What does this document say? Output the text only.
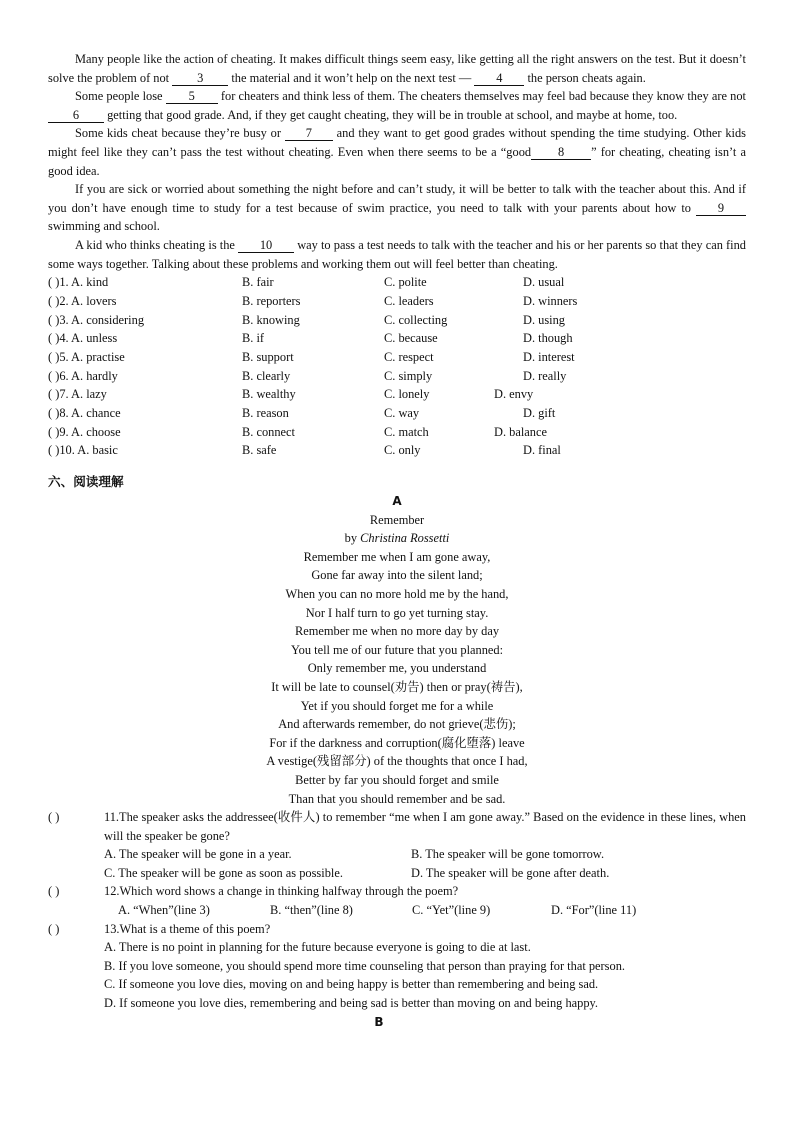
Many people like the action of cheating. It makes difficult things seem easy, like getting all the right answers on the test. But it doesn’t solve the problem of not 3 the material and it won’t help on the next test — 4 the person cheats again.

Some people lose 5 for cheaters and think less of them. The cheaters themselves may feel bad because they know they are not 6 getting that good grade. And, if they get caught cheating, they will be in trouble at school, and maybe at home, too.

Some kids cheat because they’re busy or 7 and they want to get good grades without spending the time studying. Other kids might feel like they can’t pass the test without cheating. Even when there seems to be a “good 8 ” for cheating, cheating isn’t a good idea.

If you are sick or worried about something the night before and can’t study, it will be better to talk with the teacher about this. And if you don’t have enough time to study for a test because of swim practice, you need to talk with your parents about how to 9 swimming and school.

A kid who thinks cheating is the 10 way to pass a test needs to talk with the teacher and his or her parents so that they can find some ways together. Talking about these problems and working them out will feel better than cheating.

( )1. A. kind	B. fair	C. polite	D. usual
( )2. A. lovers	B. reporters	C. leaders	D. winners
( )3. A. considering	B. knowing	C. collecting	D. using
( )4. A. unless	B. if	C. because	D. though
( )5. A. practise	B. support	C. respect	D. interest
( )6. A. hardly	B. clearly	C. simply	D. really
( )7. A. lazy	B. wealthy	C. lonely	D. envy
( )8. A. chance	B. reason	C. way	D. gift
( )9. A. choose	B. connect	C. match	D. balance
( )10. A. basic	B. safe	C. only	D. final
六、阅读理解
A
Remember
by Christina Rossetti
Remember me when I am gone away,
Gone far away into the silent land;
When you can no more hold me by the hand,
Nor I half turn to go yet turning stay.
Remember me when no more day by day
You tell me of our future that you planned:
Only remember me, you understand
It will be late to counsel(劝告) then or pray(祷告),
Yet if you should forget me for a while
And afterwards remember, do not grieve(悲伤);
For if the darkness and corruption(腐化堕落) leave
A vestige(残留部分) of the thoughts that once I had,
Better by far you should forget and smile
Than that you should remember and be sad.
( )	11.The speaker asks the addressee(收件人) to remember “me when I am gone away.” Based on the evidence in these lines, when will the speaker be gone?
A. The speaker will be gone in a year.	B. The speaker will be gone tomorrow.
C. The speaker will be gone as soon as possible.	D. The speaker will be gone after death.
( )	12.Which word shows a change in thinking halfway through the poem?
A. “When”(line 3)	B. “then”(line 8)	C. “Yet”(line 9)	D. “For”(line 11)
( )	13.What is a theme of this poem?
A. There is no point in planning for the future because everyone is going to die at last.
B. If you love someone, you should spend more time counseling that person than praying for that person.
C. If someone you love dies, moving on and being happy is better than remembering and being sad.
D. If someone you love dies, remembering and being sad is better than moving on and being happy.
B
